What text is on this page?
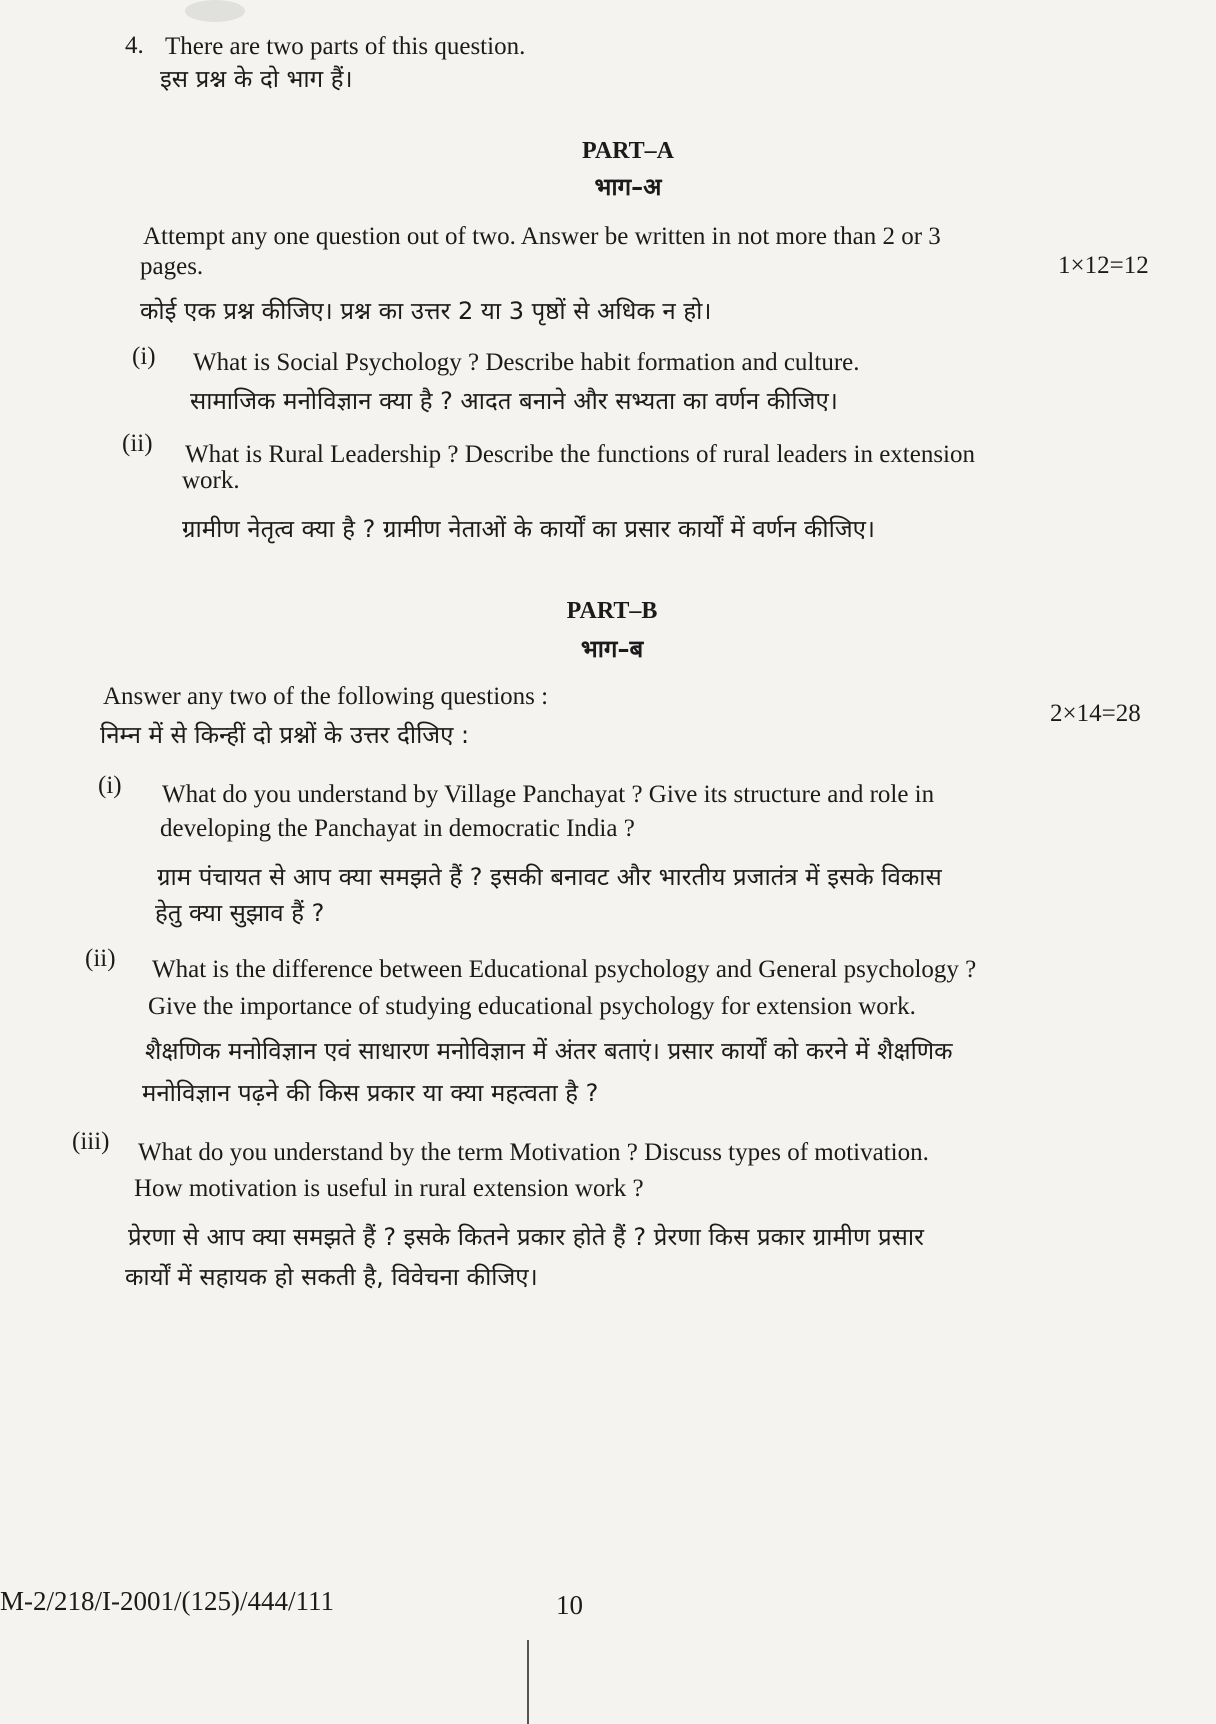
4. There are two parts of this question.
इस प्रश्न के दो भाग हैं।
PART–A
भाग–अ
Attempt any one question out of two. Answer be written in not more than 2 or 3
pages.	1×12=12
कोई एक प्रश्न कीजिए। प्रश्न का उत्तर 2 या 3 पृष्ठों से अधिक न हो।
(i) What is Social Psychology ? Describe habit formation and culture.
सामाजिक मनोविज्ञान क्या है ? आदत बनाने और सभ्यता का वर्णन कीजिए।
(ii) What is Rural Leadership ? Describe the functions of rural leaders in extension
work.
ग्रामीण नेतृत्व क्या है ? ग्रामीण नेताओं के कार्यों का प्रसार कार्यों में वर्णन कीजिए।
PART–B
भाग–ब
Answer any two of the following questions :
2×14=28
निम्न में से किन्हीं दो प्रश्नों के उत्तर दीजिए :
(i) What do you understand by Village Panchayat ? Give its structure and role in
developing the Panchayat in democratic India ?
ग्राम पंचायत से आप क्या समझते हैं ? इसकी बनावट और भारतीय प्रजातंत्र में इसके विकास
हेतु क्या सुझाव हैं ?
(ii) What is the difference between Educational psychology and General psychology ?
Give the importance of studying educational psychology for extension work.
शैक्षणिक मनोविज्ञान एवं साधारण मनोविज्ञान में अंतर बताएं। प्रसार कार्यों को करने में शैक्षणिक
मनोविज्ञान पढ़ने की किस प्रकार या क्या महत्वता है ?
(iii) What do you understand by the term Motivation ? Discuss types of motivation.
How motivation is useful in rural extension work ?
प्रेरणा से आप क्या समझते हैं ? इसके कितने प्रकार होते हैं ? प्रेरणा किस प्रकार ग्रामीण प्रसार
कार्यों में सहायक हो सकती है, विवेचना कीजिए।
M-2/218/I-2001/(125)/444/111	10
